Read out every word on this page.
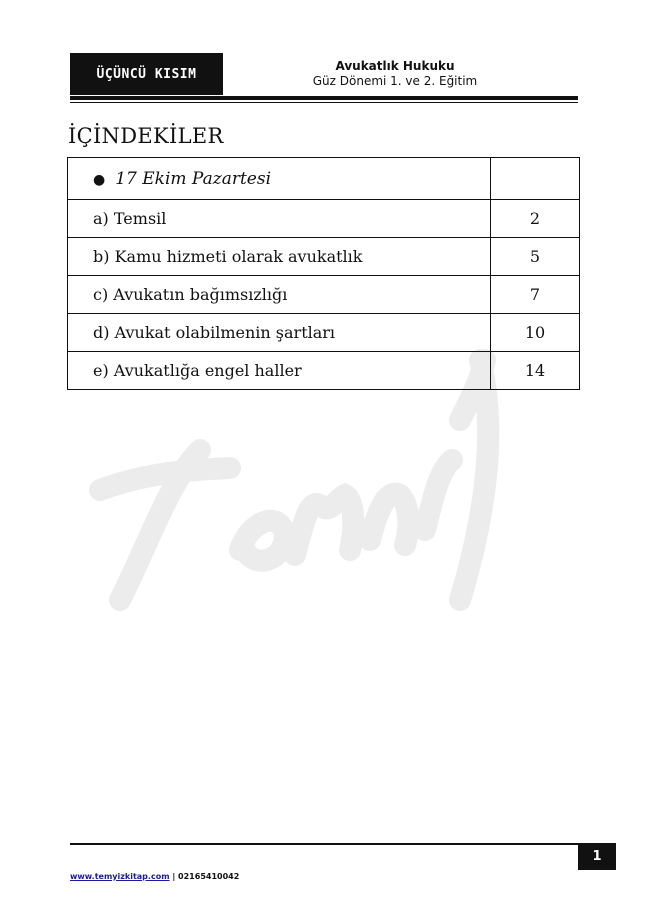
ÜÇÜNCÜ KISIM
Avukatlık Hukuku
Güz Dönemi 1. ve 2. Eğitim
İÇİNDEKİLER
● 17 Ekim Pazartesi	
a) Temsil	2
b) Kamu hizmeti olarak avukatlık	5
c) Avukatın bağımsızlığı	7
d) Avukat olabilmenin şartları	10
e) Avukatlığa engel haller	14
1
www.temyizkitap.com | 02165410042
